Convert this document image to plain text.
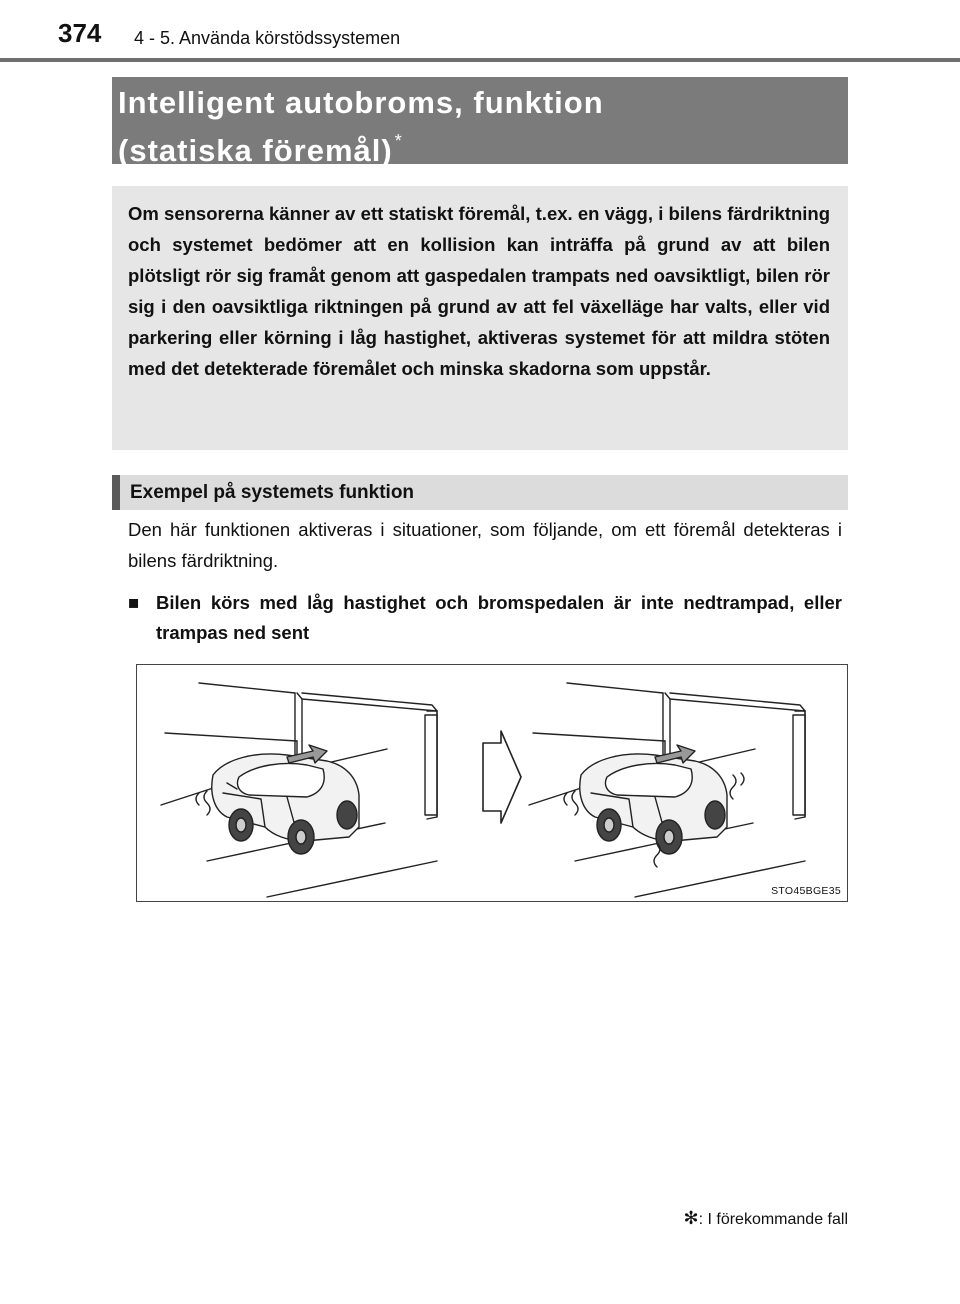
374 4 - 5. Använda körstödssystemen
Intelligent autobroms, funktion
(statiska föremål) *

Om sensorerna känner av ett statiskt föremål, t.ex. en vägg, i bilens färdriktning och systemet bedömer att en kollision kan inträffa på grund av att bilen plötsligt rör sig framåt genom att gaspedalen trampats ned oavsiktligt, bilen rör sig i den oavsiktliga riktningen på grund av att fel växelläge har valts, eller vid parkering eller körning i låg hastighet, aktiveras systemet för att mildra stöten med det detekterade föremålet och minska skadorna som uppstår.

Exempel på systemets funktion

Den här funktionen aktiveras i situationer, som följande, om ett föremål detekteras i bilens färdriktning.

■ Bilen körs med låg hastighet och bromspedalen är inte nedtrampad, eller trampas ned sent
STO45BGE35
✻: I förekommande fall
